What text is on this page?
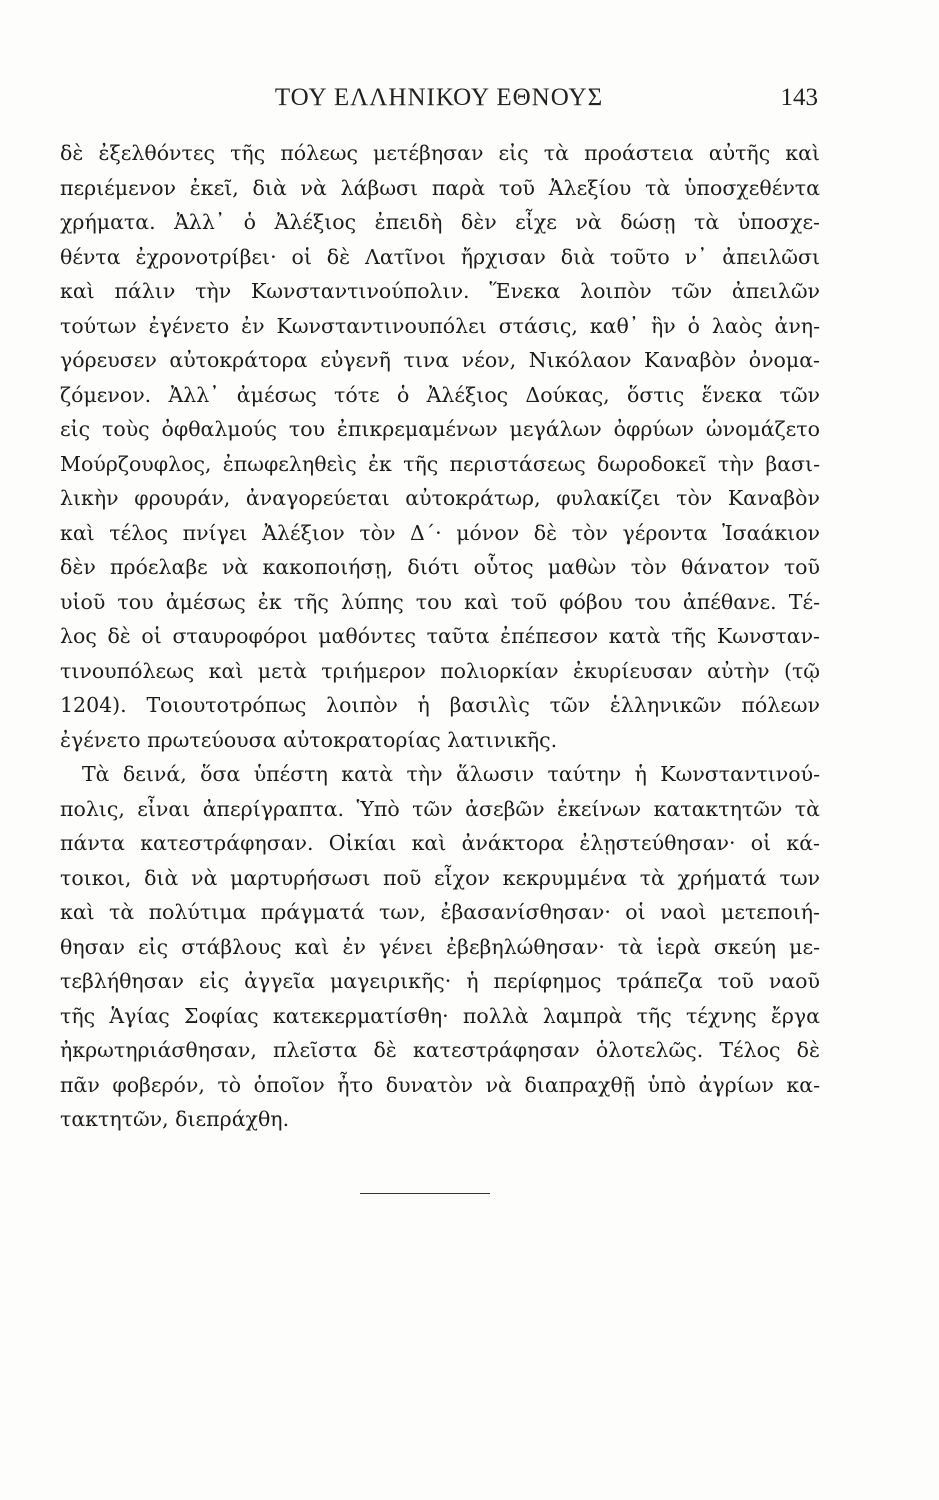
ΤΟΥ ΕΛΛΗΝΙΚΟΥ ΕΘΝΟΥΣ	143
δὲ ἐξελθόντες τῆς πόλεως μετέβησαν εἰς τὰ προάστεια αὐτῆς καὶ
περιέμενον ἐκεῖ, διὰ νὰ λάβωσι παρὰ τοῦ Ἀλεξίου τὰ ὑποσχεθέντα
χρήματα. Ἀλλ᾽ ὁ Ἀλέξιος ἐπειδὴ δὲν εἶχε νὰ δώσῃ τὰ ὑποσχε-
θέντα ἐχρονοτρίβει· οἱ δὲ Λατῖνοι ἤρχισαν διὰ τοῦτο ν᾽ ἀπειλῶσι
καὶ πάλιν τὴν Κωνσταντινούπολιν. Ἕνεκα λοιπὸν τῶν ἀπειλῶν
τούτων ἐγένετο ἐν Κωνσταντινουπόλει στάσις, καθ᾽ ἣν ὁ λαὸς ἀνη-
γόρευσεν αὐτοκράτορα εὐγενῆ τινα νέον, Νικόλαον Καναβὸν ὀνομα-
ζόμενον. Ἀλλ᾽ ἀμέσως τότε ὁ Ἀλέξιος Δούκας, ὅστις ἕνεκα τῶν
εἰς τοὺς ὀφθαλμούς του ἐπικρεμαμένων μεγάλων ὀφρύων ὠνομάζετο
Μούρζουφλος, ἐπωφεληθεὶς ἐκ τῆς περιστάσεως δωροδοκεῖ τὴν βασι-
λικὴν φρουράν, ἀναγορεύεται αὐτοκράτωρ, φυλακίζει τὸν Καναβὸν
καὶ τέλος πνίγει Ἀλέξιον τὸν Δ΄· μόνον δὲ τὸν γέροντα Ἰσαάκιον
δὲν πρόελαβε νὰ κακοποιήσῃ, διότι οὗτος μαθὼν τὸν θάνατον τοῦ
υἱοῦ του ἀμέσως ἐκ τῆς λύπης του καὶ τοῦ φόβου του ἀπέθανε. Τέ-
λος δὲ οἱ σταυροφόροι μαθόντες ταῦτα ἐπέπεσον κατὰ τῆς Κωνσταν-
τινουπόλεως καὶ μετὰ τριήμερον πολιορκίαν ἐκυρίευσαν αὐτὴν (τῷ
1204). Τοιουτοτρόπως λοιπὸν ἡ βασιλὶς τῶν ἑλληνικῶν πόλεων
ἐγένετο πρωτεύουσα αὐτοκρατορίας λατινικῆς.
Τὰ δεινά, ὅσα ὑπέστη κατὰ τὴν ἅλωσιν ταύτην ἡ Κωνσταντινού-
πολις, εἶναι ἀπερίγραπτα. Ὑπὸ τῶν ἀσεβῶν ἐκείνων κατακτητῶν τὰ
πάντα κατεστράφησαν. Οἰκίαι καὶ ἀνάκτορα ἐλῃστεύθησαν· οἱ κά-
τοικοι, διὰ νὰ μαρτυρήσωσι ποῦ εἶχον κεκρυμμένα τὰ χρήματά των
καὶ τὰ πολύτιμα πράγματά των, ἐβασανίσθησαν· οἱ ναοὶ μετεποιή-
θησαν εἰς στάβλους καὶ ἐν γένει ἐβεβηλώθησαν· τὰ ἱερὰ σκεύη με-
τεβλήθησαν εἰς ἀγγεῖα μαγειρικῆς· ἡ περίφημος τράπεζα τοῦ ναοῦ
τῆς Ἁγίας Σοφίας κατεκερματίσθη· πολλὰ λαμπρὰ τῆς τέχνης ἔργα
ἠκρωτηριάσθησαν, πλεῖστα δὲ κατεστράφησαν ὁλοτελῶς. Τέλος δὲ
πᾶν φοβερόν, τὸ ὁποῖον ἦτο δυνατὸν νὰ διαπραχθῇ ὑπὸ ἀγρίων κα-
τακτητῶν, διεπράχθη.
